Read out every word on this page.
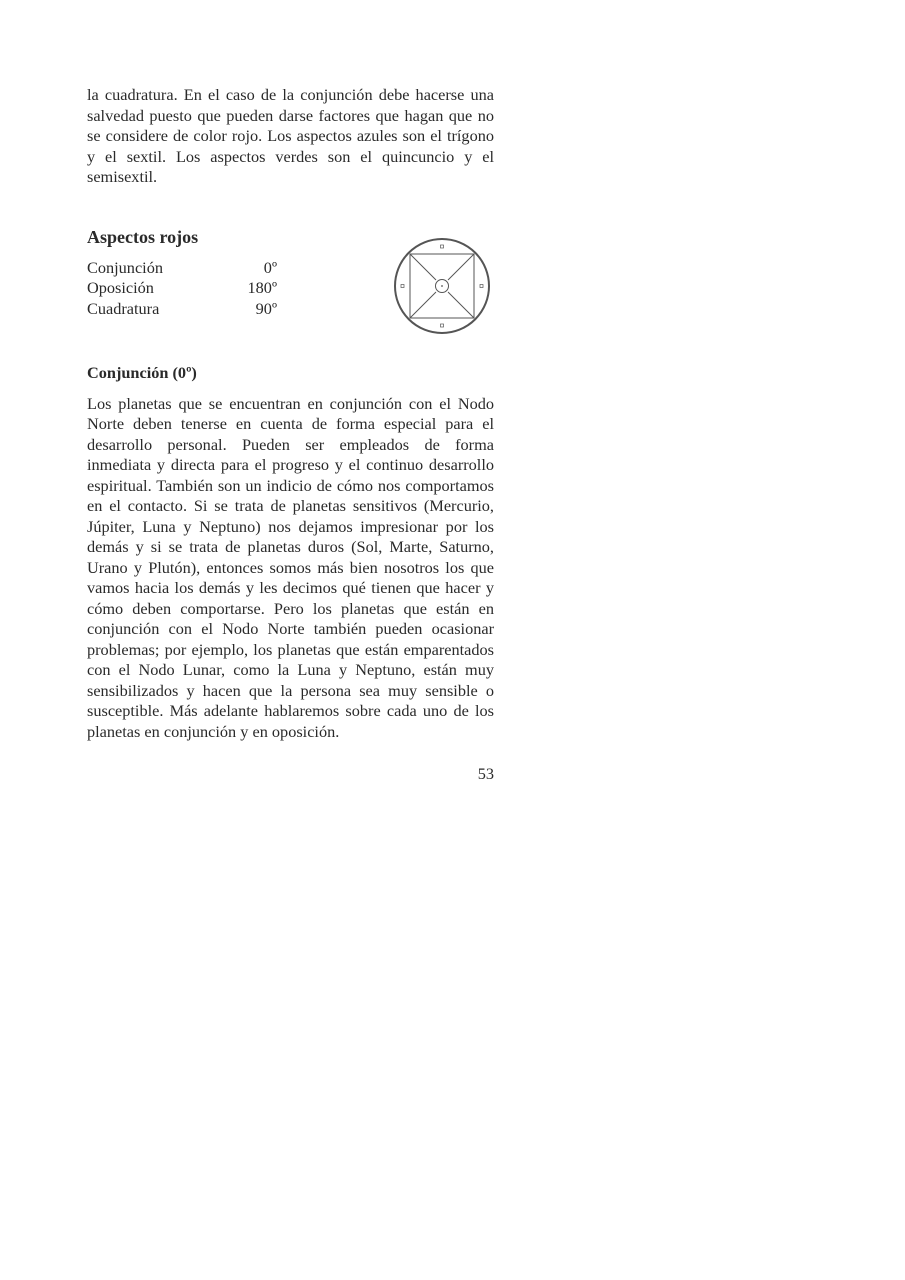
la cuadratura. En el caso de la conjunción debe hacerse una salvedad puesto que pueden darse factores que hagan que no se considere de color rojo. Los aspectos azules son el trígono y el sextil. Los aspectos verdes son el quincuncio y el semisextil.

Aspectos rojos
Conjunción	0º
Oposición	180º
Cuadratura	90º
Conjunción (0º)

Los planetas que se encuentran en conjunción con el Nodo Norte deben tenerse en cuenta de forma especial para el desarrollo personal. Pueden ser empleados de forma inmediata y directa para el progreso y el continuo desarrollo espiritual. También son un indicio de cómo nos comportamos en el contacto. Si se trata de planetas sensitivos (Mercurio, Júpiter, Luna y Neptuno) nos dejamos impresionar por los demás y si se trata de planetas duros (Sol, Marte, Saturno, Urano y Plutón), entonces somos más bien nosotros los que vamos hacia los demás y les decimos qué tienen que hacer y cómo deben comportarse. Pero los planetas que están en conjunción con el Nodo Norte también pueden ocasionar problemas; por ejemplo, los planetas que están emparentados con el Nodo Lunar, como la Luna y Neptuno, están muy sensibilizados y hacen que la persona sea muy sensible o susceptible. Más adelante hablaremos sobre cada uno de los planetas en conjunción y en oposición.

53
